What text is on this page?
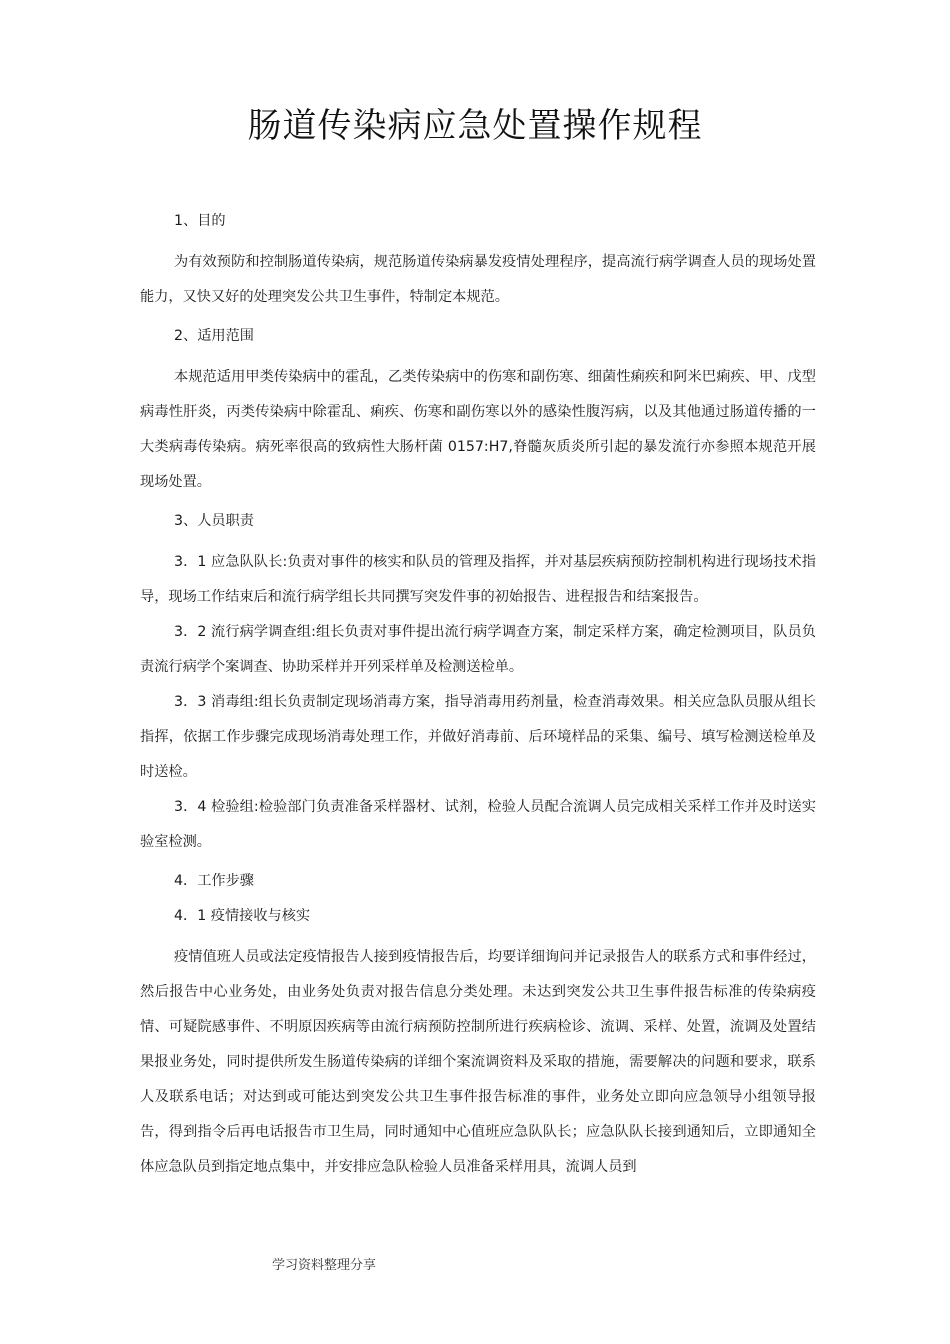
肠道传染病应急处置操作规程

1、目的

为有效预防和控制肠道传染病，规范肠道传染病暴发疫情处理程序，提高流行病学调查人员的现场处置能力，又快又好的处理突发公共卫生事件，特制定本规范。

2、适用范围

本规范适用甲类传染病中的霍乱，乙类传染病中的伤寒和副伤寒、细菌性痢疾和阿米巴痢疾、甲、戊型病毒性肝炎，丙类传染病中除霍乱、痢疾、伤寒和副伤寒以外的感染性腹泻病，以及其他通过肠道传播的一大类病毒传染病。病死率很高的致病性大肠杆菌 0157:H7,脊髓灰质炎所引起的暴发流行亦参照本规范开展现场处置。

3、人员职责

3．1 应急队队长:负责对事件的核实和队员的管理及指挥，并对基层疾病预防控制机构进行现场技术指导，现场工作结束后和流行病学组长共同撰写突发件事的初始报告、进程报告和结案报告。

3．2 流行病学调查组:组长负责对事件提出流行病学调查方案，制定采样方案，确定检测项目，队员负责流行病学个案调查、协助采样并开列采样单及检测送检单。

3．3 消毒组:组长负责制定现场消毒方案，指导消毒用药剂量，检查消毒效果。相关应急队员服从组长指挥，依据工作步骤完成现场消毒处理工作，并做好消毒前、后环境样品的采集、编号、填写检测送检单及时送检。

3．4 检验组:检验部门负责准备采样器材、试剂，检验人员配合流调人员完成相关采样工作并及时送实验室检测。

4．工作步骤

4．1 疫情接收与核实

疫情值班人员或法定疫情报告人接到疫情报告后，均要详细询问并记录报告人的联系方式和事件经过，然后报告中心业务处，由业务处负责对报告信息分类处理。未达到突发公共卫生事件报告标准的传染病疫情、可疑院感事件、不明原因疾病等由流行病预防控制所进行疾病检诊、流调、采样、处置，流调及处置结果报业务处，同时提供所发生肠道传染病的详细个案流调资料及采取的措施，需要解决的问题和要求，联系人及联系电话；对达到或可能达到突发公共卫生事件报告标准的事件，业务处立即向应急领导小组领导报告，得到指令后再电话报告市卫生局，同时通知中心值班应急队队长；应急队队长接到通知后，立即通知全体应急队员到指定地点集中，并安排应急队检验人员准备采样用具，流调人员到

学习资料整理分享
